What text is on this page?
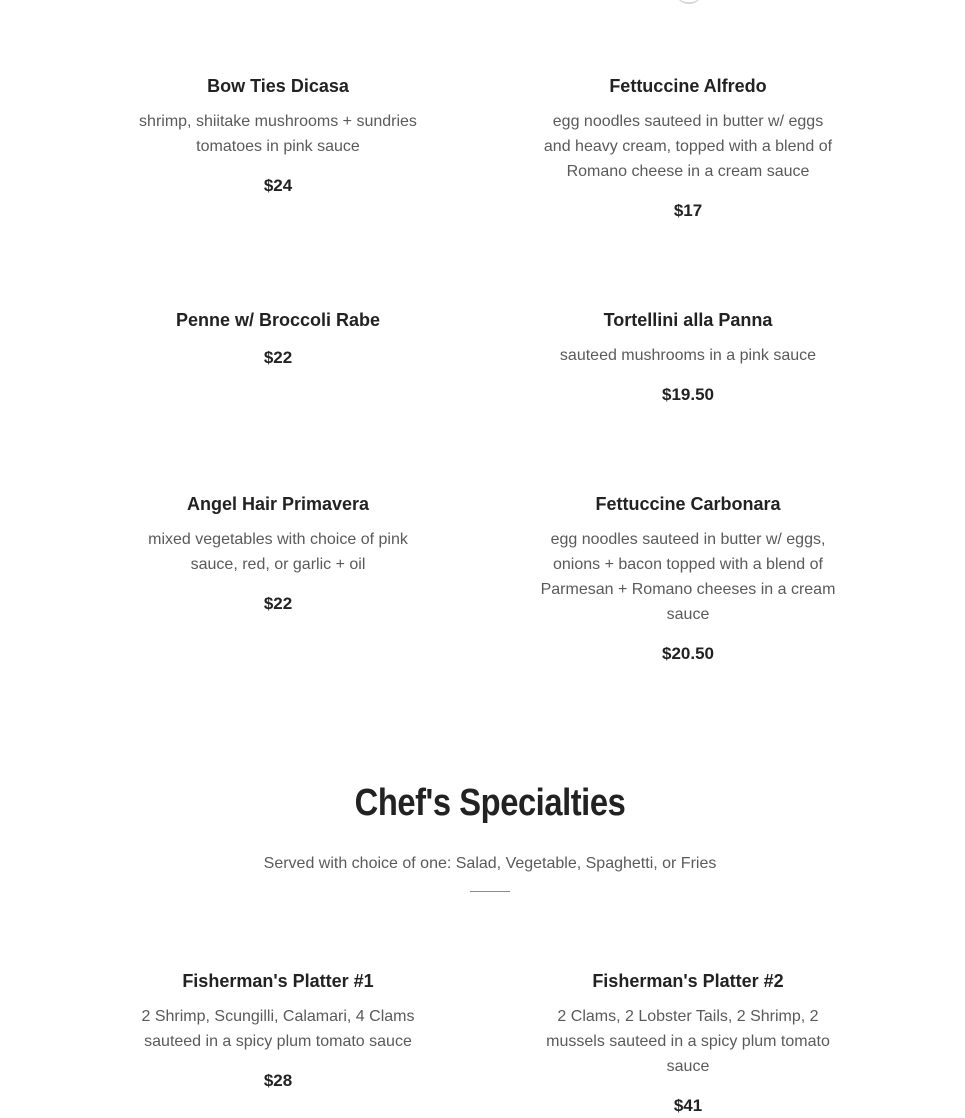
Bow Ties Dicasa

shrimp, shiitake mushrooms + sundries tomatoes in pink sauce

$24

Fettuccine Alfredo

egg noodles sauteed in butter w/ eggs and heavy cream, topped with a blend of Romano cheese in a cream sauce

$17

Penne w/ Broccoli Rabe

$22

Tortellini alla Panna

sauteed mushrooms in a pink sauce

$19.50

Angel Hair Primavera

mixed vegetables with choice of pink sauce, red, or garlic + oil

$22

Fettuccine Carbonara

egg noodles sauteed in butter w/ eggs, onions + bacon topped with a blend of Parmesan + Romano cheeses in a cream sauce

$20.50

Chef's Specialties

Served with choice of one: Salad, Vegetable, Spaghetti, or Fries

Fisherman's Platter #1

2 Shrimp, Scungilli, Calamari, 4 Clams sauteed in a spicy plum tomato sauce

$28

Fisherman's Platter #2

2 Clams, 2 Lobster Tails, 2 Shrimp, 2 mussels sauteed in a spicy plum tomato sauce

$41
